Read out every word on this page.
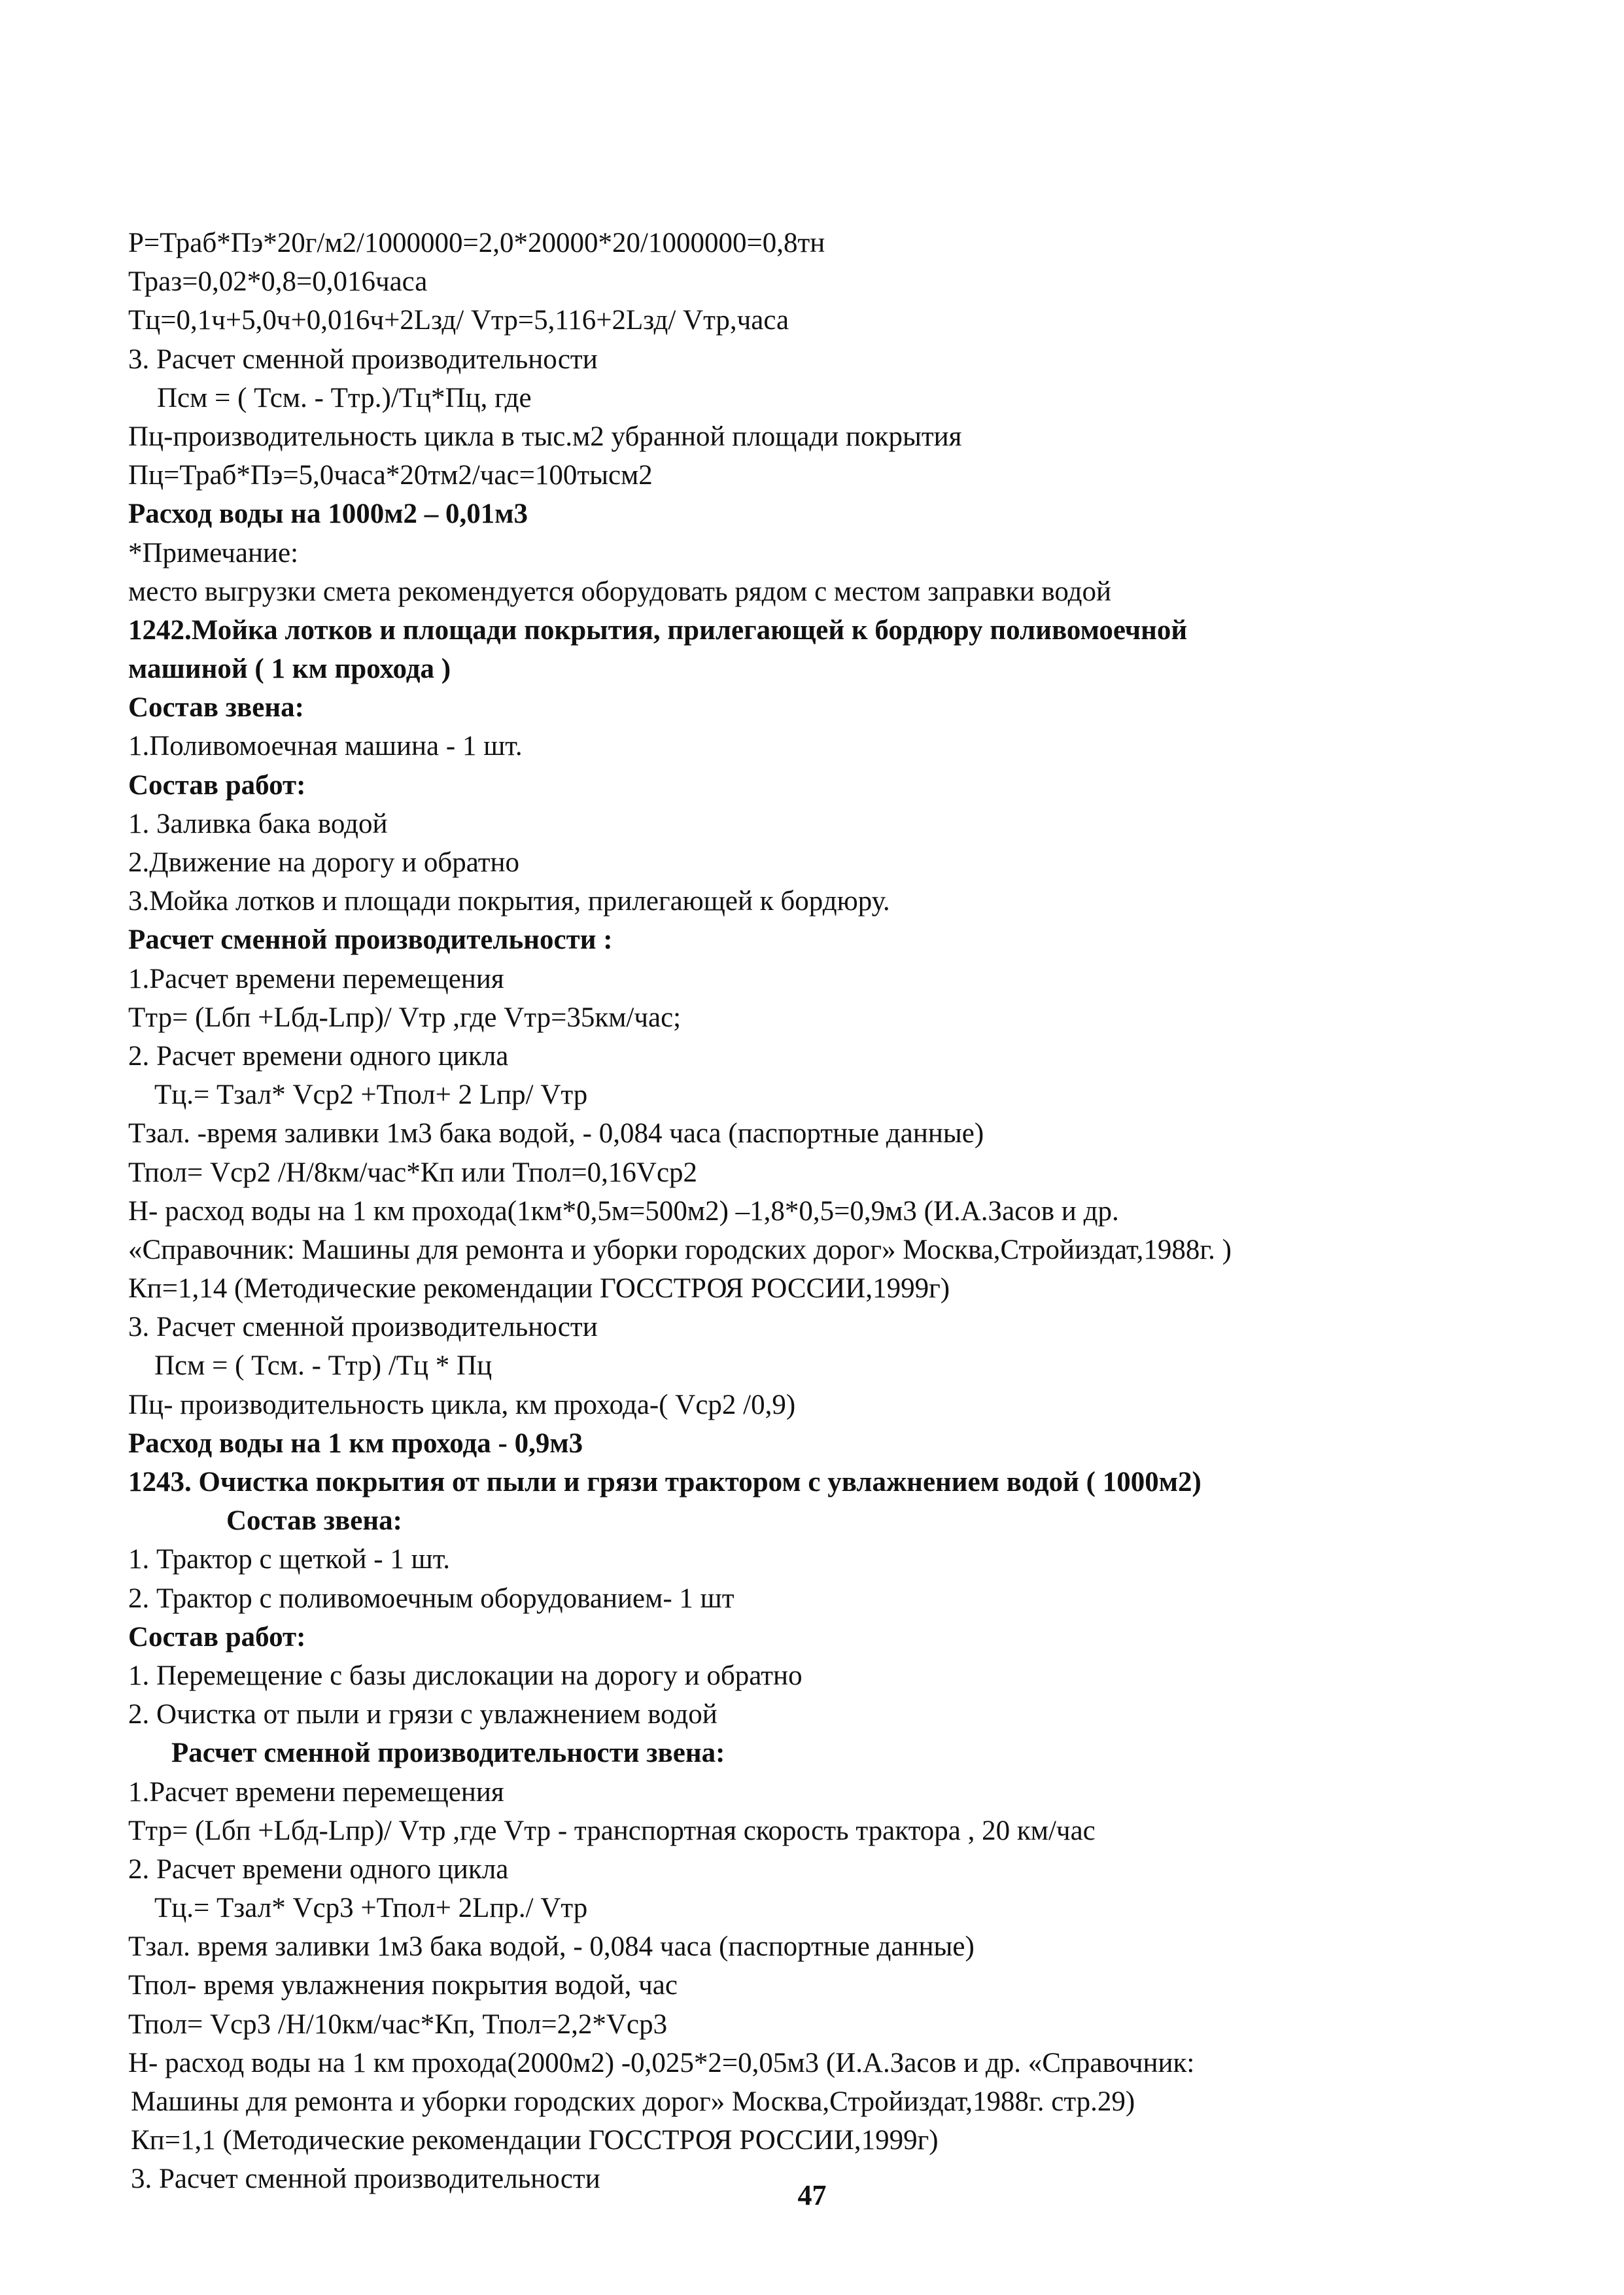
Р=Траб*Пэ*20г/м2/1000000=2,0*20000*20/1000000=0,8тн
Траз=0,02*0,8=0,016часа
Тц=0,1ч+5,0ч+0,016ч+2Lзд/ Vтр=5,116+2Lзд/ Vтр,часа
3. Расчет сменной производительности
Псм = ( Тсм. - Ттр.)/Тц*Пц, где
Пц-производительность цикла в тыс.м2 убранной площади покрытия
Пц=Траб*Пэ=5,0часа*20тм2/час=100тысм2
Расход воды на 1000м2 – 0,01м3
*Примечание:
место выгрузки смета рекомендуется оборудовать рядом с местом заправки водой
1242.Мойка лотков и площади покрытия, прилегающей к бордюру поливомоечной
машиной ( 1 км прохода )
Состав звена:
1.Поливомоечная машина - 1 шт.
Состав работ:
1. Заливка бака водой
2.Движение на дорогу и обратно
3.Мойка лотков и площади покрытия, прилегающей к бордюру.
Расчет сменной производительности :
1.Расчет времени перемещения
Ттр= (Lбп +Lбд-Lпр)/ Vтр ,где Vтр=35км/час;
2. Расчет времени одного цикла
Тц.= Тзал* Vср2 +Тпол+ 2 Lпр/ Vтр
Тзал. -время заливки 1м3 бака водой, - 0,084 часа (паспортные данные)
Тпол= Vср2 /Н/8км/час*Кп или Тпол=0,16Vср2
Н- расход воды на 1 км прохода(1км*0,5м=500м2) –1,8*0,5=0,9м3 (И.А.Засов и др.
«Справочник: Машины для ремонта и уборки городских дорог» Москва,Стройиздат,1988г. )
Кп=1,14 (Методические рекомендации ГОССТРОЯ РОССИИ,1999г)
3. Расчет сменной производительности
Псм = ( Тсм. - Ттр) /Тц * Пц
Пц- производительность цикла, км прохода-( Vср2 /0,9)
Расход воды на 1 км прохода - 0,9м3
1243. Очистка покрытия от пыли и грязи трактором с увлажнением водой ( 1000м2)
Состав звена:
1. Трактор с щеткой - 1 шт.
2. Трактор с поливомоечным оборудованием- 1 шт
Состав работ:
1. Перемещение с базы дислокации на дорогу и обратно
2. Очистка от пыли и грязи с увлажнением водой
Расчет сменной производительности звена:
1.Расчет времени перемещения
Ттр= (Lбп +Lбд-Lпр)/ Vтр ,где Vтр - транспортная скорость трактора , 20 км/час
2. Расчет времени одного цикла
Тц.= Тзал* Vср3 +Тпол+ 2Lпр./ Vтр
Тзал. время заливки 1м3 бака водой, - 0,084 часа (паспортные данные)
Тпол- время увлажнения покрытия водой, час
Тпол= Vср3 /Н/10км/час*Кп, Тпол=2,2*Vср3
Н- расход воды на 1 км прохода(2000м2) -0,025*2=0,05м3 (И.А.Засов и др. «Справочник:
Машины для ремонта и уборки городских дорог» Москва,Стройиздат,1988г. стр.29)
Кп=1,1 (Методические рекомендации ГОССТРОЯ РОССИИ,1999г)
3. Расчет сменной производительности
47
